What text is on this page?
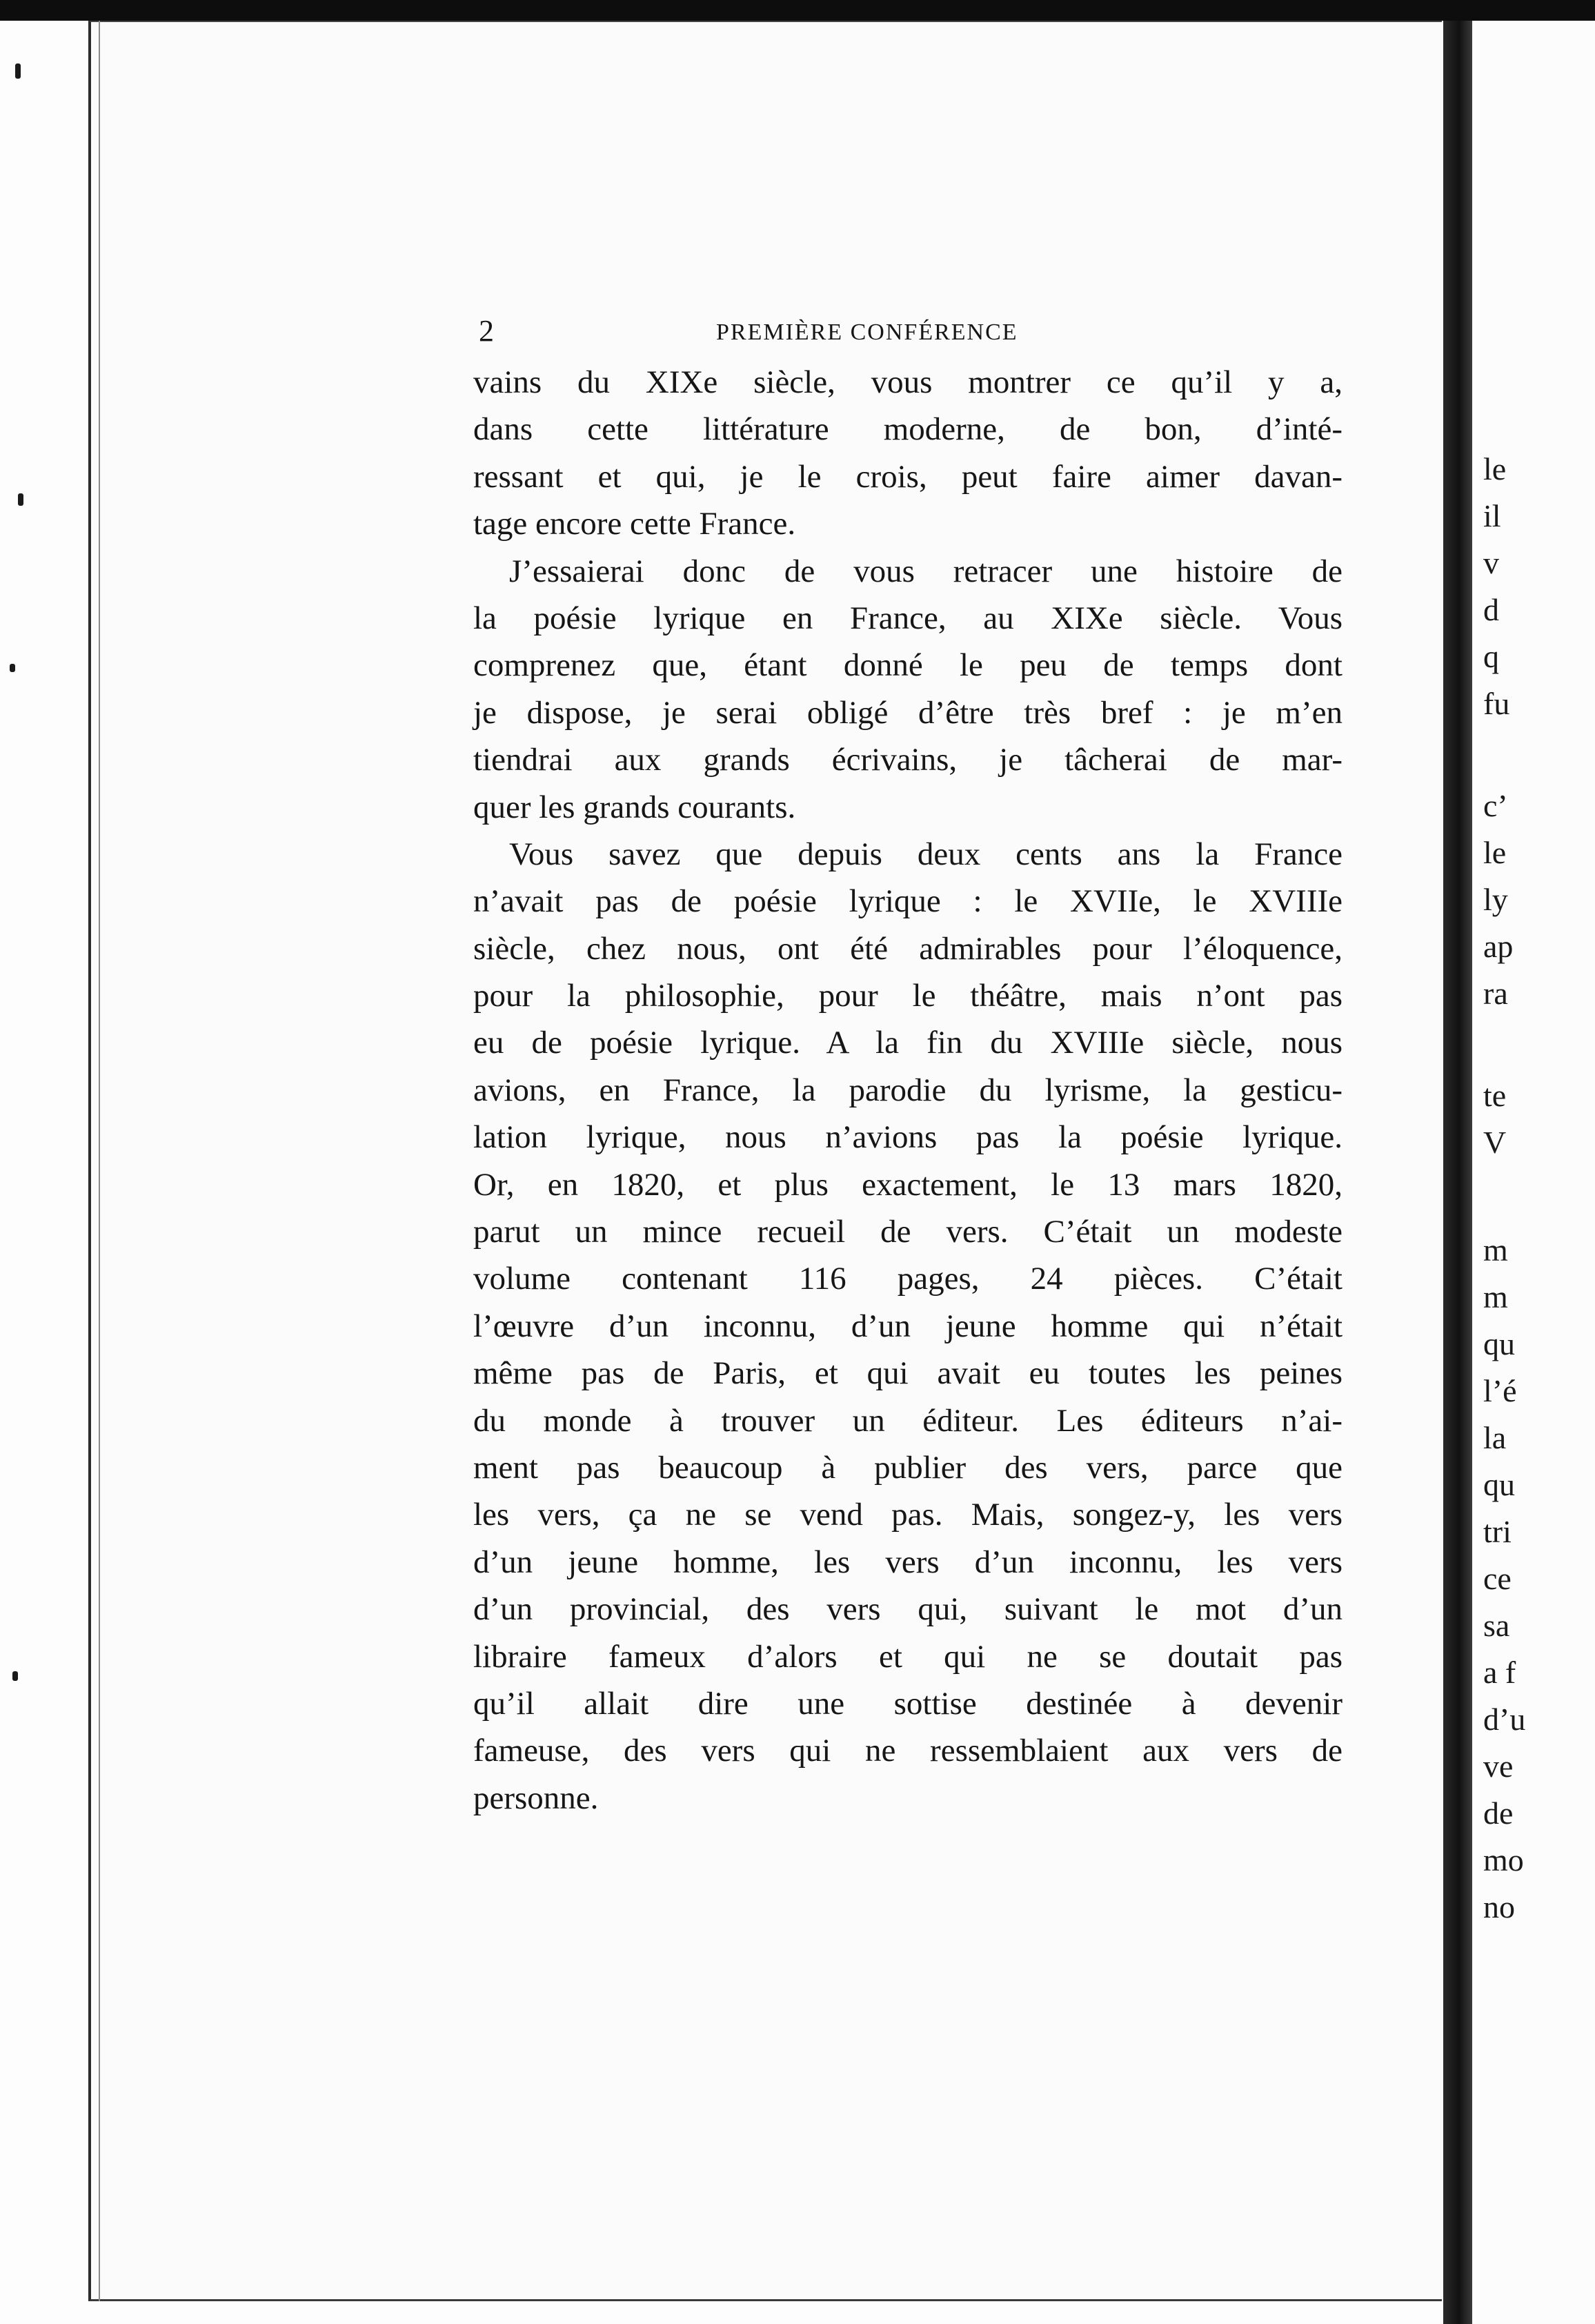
2	PREMIÈRE CONFÉRENCE
vains du XIXe siècle, vous montrer ce qu’il y a,
dans cette littérature moderne, de bon, d’inté-
ressant et qui, je le crois, peut faire aimer davan-
tage encore cette France.
J’essaierai donc de vous retracer une histoire de
la poésie lyrique en France, au XIXe siècle. Vous
comprenez que, étant donné le peu de temps dont
je dispose, je serai obligé d’être très bref : je m’en
tiendrai aux grands écrivains, je tâcherai de mar-
quer les grands courants.
Vous savez que depuis deux cents ans la France
n’avait pas de poésie lyrique : le XVIIe, le XVIIIe
siècle, chez nous, ont été admirables pour l’éloquence,
pour la philosophie, pour le théâtre, mais n’ont pas
eu de poésie lyrique. A la fin du XVIIIe siècle, nous
avions, en France, la parodie du lyrisme, la gesticu-
lation lyrique, nous n’avions pas la poésie lyrique.
Or, en 1820, et plus exactement, le 13 mars 1820,
parut un mince recueil de vers. C’était un modeste
volume contenant 116 pages, 24 pièces. C’était
l’œuvre d’un inconnu, d’un jeune homme qui n’était
même pas de Paris, et qui avait eu toutes les peines
du monde à trouver un éditeur. Les éditeurs n’ai-
ment pas beaucoup à publier des vers, parce que
les vers, ça ne se vend pas. Mais, songez-y, les vers
d’un jeune homme, les vers d’un inconnu, les vers
d’un provincial, des vers qui, suivant le mot d’un
libraire fameux d’alors et qui ne se doutait pas
qu’il allait dire une sottise destinée à devenir
fameuse, des vers qui ne ressemblaient aux vers de
personne.
le
il
v
d
q
fu
c’
le
ly
ap
ra
te
V
m
m
qu
l’é
la
qu
tri
ce
sa
a f
d’u
ve
de
mo
no
